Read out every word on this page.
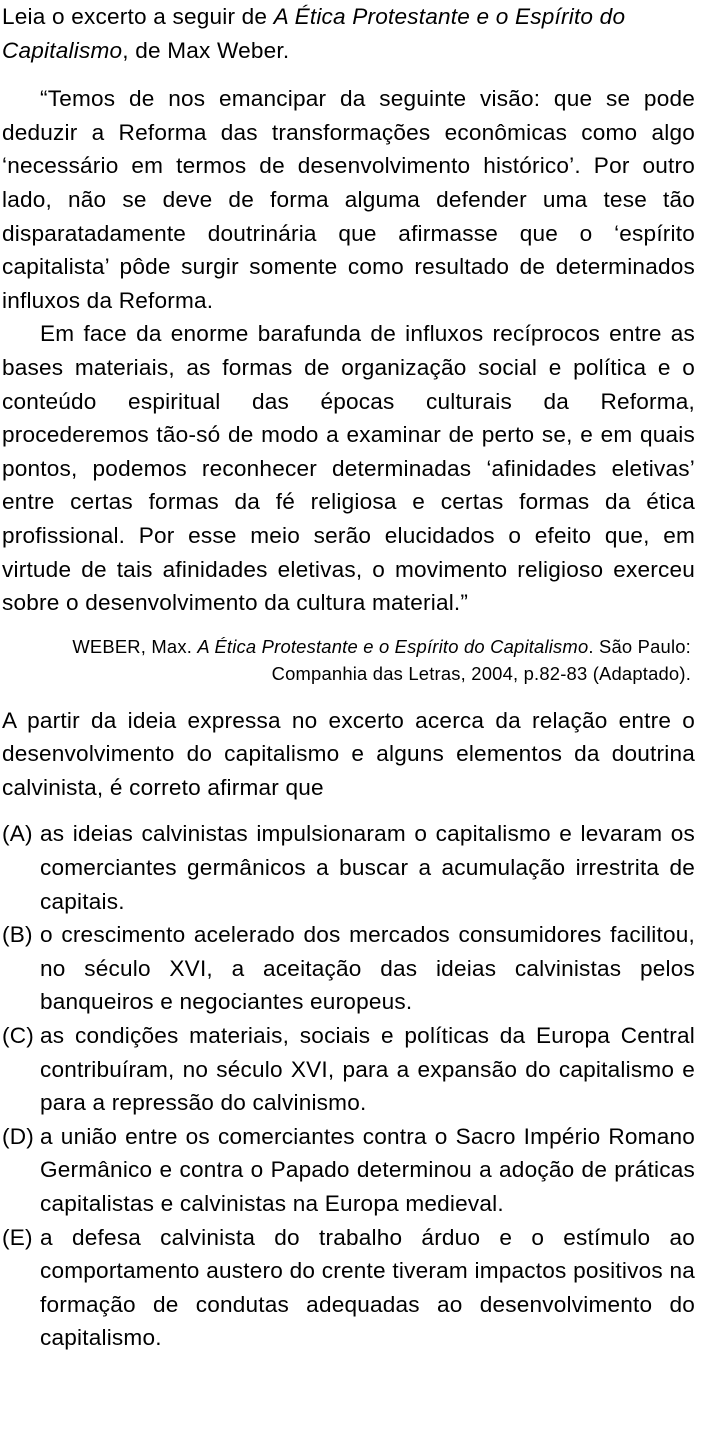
Leia o excerto a seguir de A Ética Protestante e o Espírito do Capitalismo, de Max Weber.

“Temos de nos emancipar da seguinte visão: que se pode deduzir a Reforma das transformações econômicas como algo ‘necessário em termos de desenvolvimento histórico’. Por outro lado, não se deve de forma alguma defender uma tese tão disparatadamente doutrinária que afirmasse que o ‘espírito capitalista’ pôde surgir somente como resultado de determinados influxos da Reforma.

Em face da enorme barafunda de influxos recíprocos entre as bases materiais, as formas de organização social e política e o conteúdo espiritual das épocas culturais da Reforma, procederemos tão-só de modo a examinar de perto se, e em quais pontos, podemos reconhecer determinadas ‘afinidades eletivas’ entre certas formas da fé religiosa e certas formas da ética profissional. Por esse meio serão elucidados o efeito que, em virtude de tais afinidades eletivas, o movimento religioso exerceu sobre o desenvolvimento da cultura material.”

WEBER, Max. A Ética Protestante e o Espírito do Capitalismo. São Paulo:
Companhia das Letras, 2004, p.82-83 (Adaptado).

A partir da ideia expressa no excerto acerca da relação entre o desenvolvimento do capitalismo e alguns elementos da doutrina calvinista, é correto afirmar que

(A) as ideias calvinistas impulsionaram o capitalismo e levaram os comerciantes germânicos a buscar a acumulação irrestrita de capitais.
(B) o crescimento acelerado dos mercados consumidores facilitou, no século XVI, a aceitação das ideias calvinistas pelos banqueiros e negociantes europeus.
(C) as condições materiais, sociais e políticas da Europa Central contribuíram, no século XVI, para a expansão do capitalismo e para a repressão do calvinismo.
(D) a união entre os comerciantes contra o Sacro Império Romano Germânico e contra o Papado determinou a adoção de práticas capitalistas e calvinistas na Europa medieval.
(E) a defesa calvinista do trabalho árduo e o estímulo ao comportamento austero do crente tiveram impactos positivos na formação de condutas adequadas ao desenvolvimento do capitalismo.
